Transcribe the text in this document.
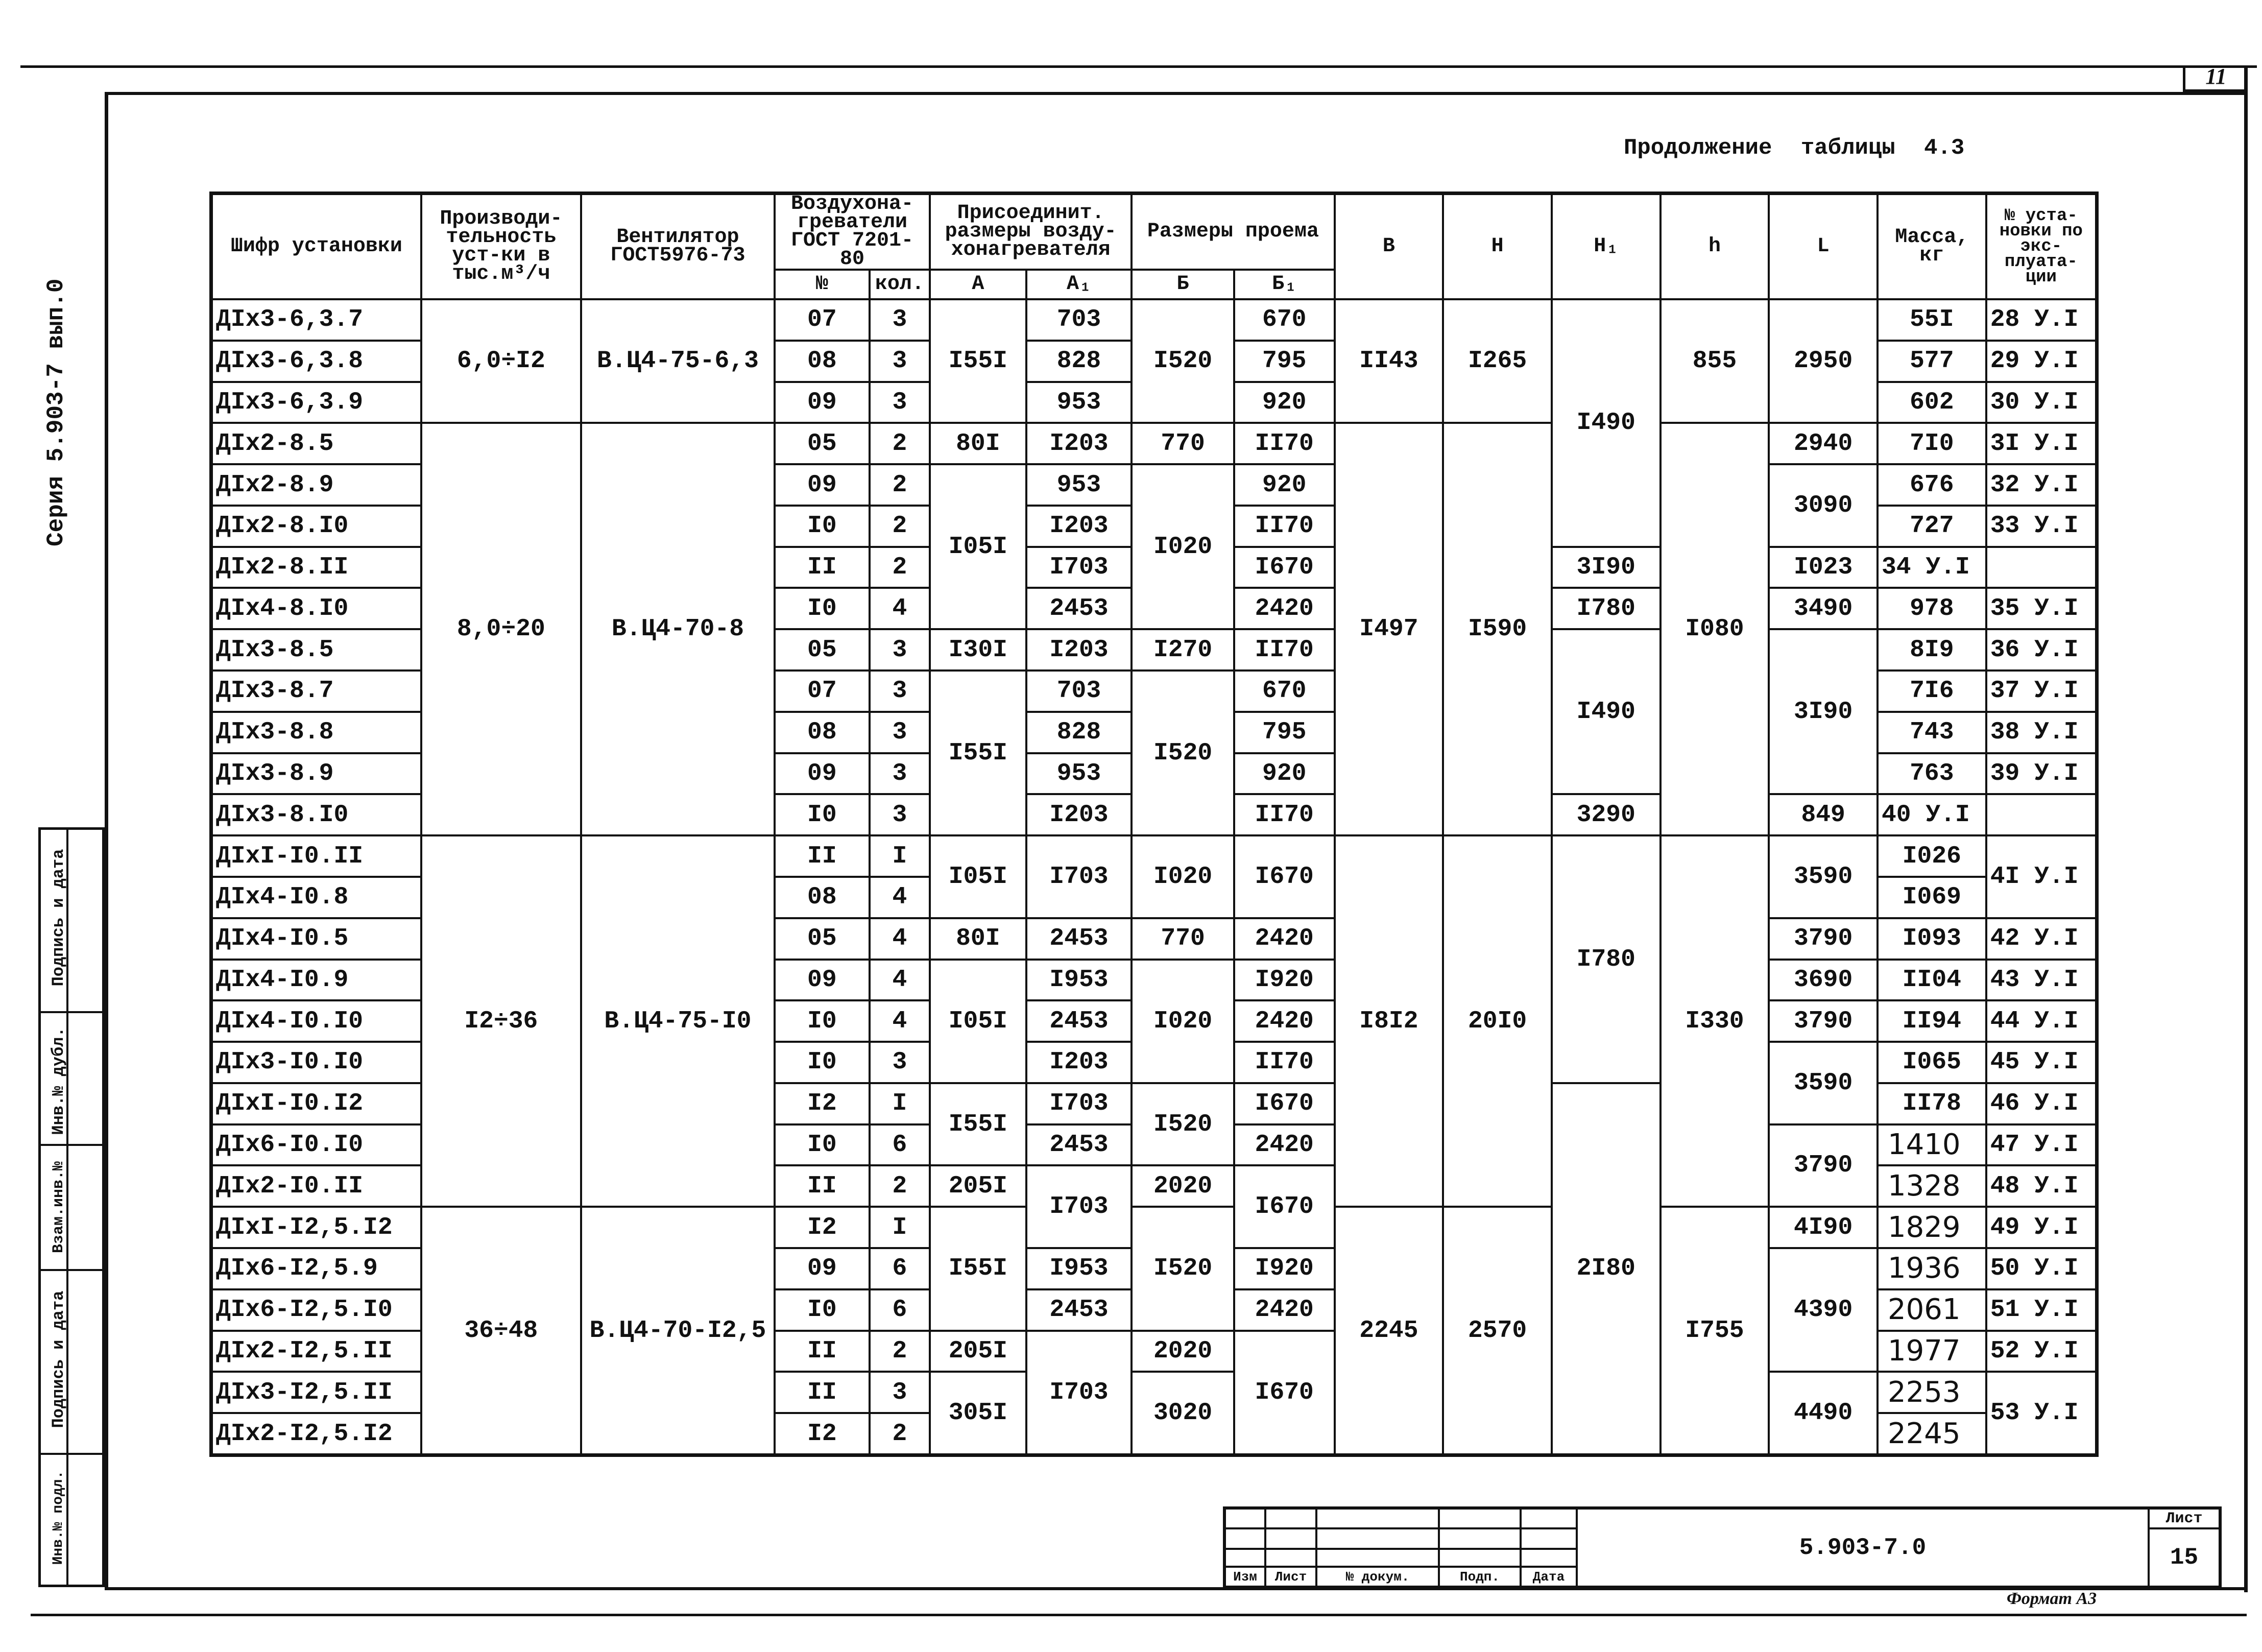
11
Серия 5.903-7 вып.0
Подпись и дата
Инв.№ дубл.
Взам.инв.№
Подпись и дата
Инв.№ подл.
Продолжение таблицы 4.3
Шифр установки	Производи-тельность уст-ки в тыс.м³/ч	Вентилятор ГОСТ5976-73	Воздухона-греватели ГОСТ 7201-80		Присоединит. размеры возду-хонагревателя		Размеры проема		В	Н	Н₁	h	L	Масса, кг	№ уста-новки по экс-плуата-ции
			№	кол.	А	А₁	Б	Б₁							
ДIх3-6,3.7	6,0÷I2	В.Ц4-75-6,3	07	3	I55I	703	I520	670	II43	I265	I490	855	2950	55I	28 У.I
ДIх3-6,3.8			08	3		828		795						577	29 У.I
ДIх3-6,3.9			09	3		953		920						602	30 У.I
ДIх2-8.5	8,0÷20	В.Ц4-70-8	05	2	80I	I203	770	II70	I497	I590		I080	2940	7I0	3I У.I
ДIх2-8.9			09	2	I05I	953	I020	920					3090	676	32 У.I
ДIх2-8.I0			I0	2		I203		II70						727	33 У.I
ДIх2-8.II			II	2		I703		I670			3I90		I023	34 У.I	
ДIх4-8.I0			I0	4		2453		2420			I780		3490	978	35 У.I
ДIх3-8.5			05	3	I30I	I203	I270	II70			I490		3I90	8I9	36 У.I
ДIх3-8.7			07	3	I55I	703	I520	670						7I6	37 У.I
ДIх3-8.8			08	3		828		795						743	38 У.I
ДIх3-8.9			09	3		953		920						763	39 У.I
ДIх3-8.I0			I0	3		I203		II70			3290		849	40 У.I	
ДIхI-I0.II	I2÷36	В.Ц4-75-I0	II	I	I05I	I703	I020	I670	I8I2	20I0	I780	I330	3590	I026	4I У.I
ДIх4-I0.8			08	4										I069	
ДIх4-I0.5			05	4	80I	2453	770	2420					3790	I093	42 У.I
ДIх4-I0.9			09	4	I05I	I953	I020	I920					3690	II04	43 У.I
ДIх4-I0.I0			I0	4		2453		2420					3790	II94	44 У.I
ДIх3-I0.I0			I0	3		I203		II70					3590	I065	45 У.I
ДIхI-I0.I2			I2	I	I55I	I703	I520	I670			2I80			II78	46 У.I
ДIх6-I0.I0			I0	6		2453		2420					3790	1410	47 У.I
ДIх2-I0.II			II	2	205I	I703	2020	I670						1328	48 У.I
ДIхI-I2,5.I2	36÷48	В.Ц4-70-I2,5	I2	I	I55I		I520		2245	2570		I755	4I90	1829	49 У.I
ДIх6-I2,5.9			09	6		I953		I920					4390	1936	50 У.I
ДIх6-I2,5.I0			I0	6		2453		2420						2061	51 У.I
ДIх2-I2,5.II			II	2	205I	I703	2020	I670						1977	52 У.I
ДIх3-I2,5.II			II	3	305I		3020						4490	2253	53 У.I
ДIх2-I2,5.I2			I2	2										2245	
					5.903-7.0	Лист
						15

Изм	Лист	№ докум.	Подп.	Дата		
Формат А3
